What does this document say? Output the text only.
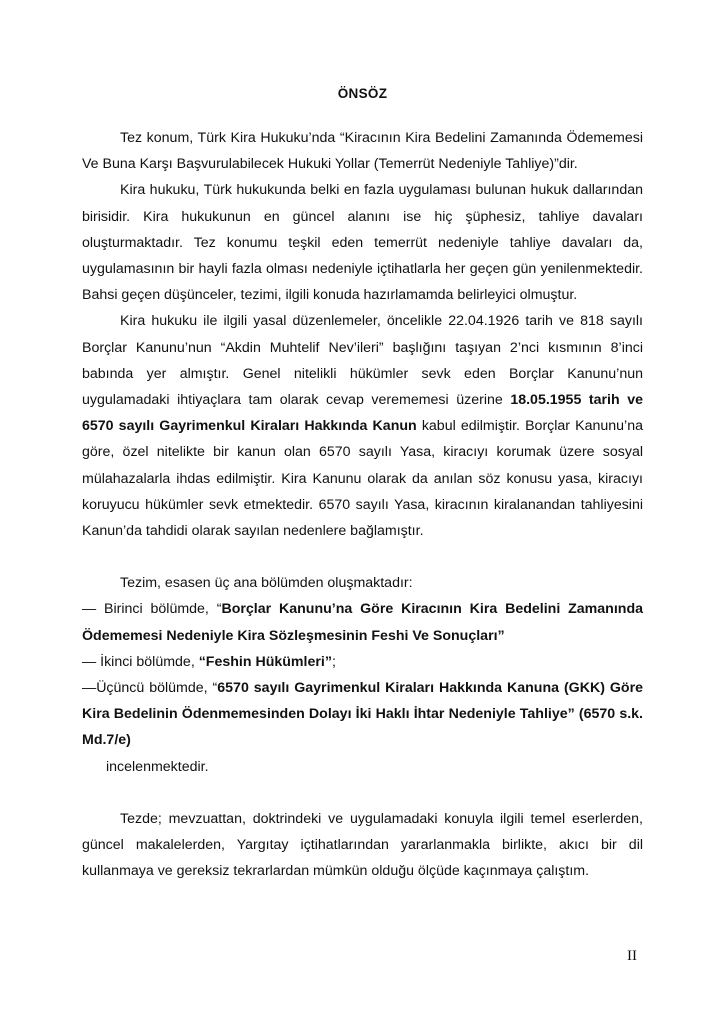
ÖNSÖZ

Tez konum, Türk Kira Hukuku’nda “Kiracının Kira Bedelini Zamanında Ödememesi Ve Buna Karşı Başvurulabilecek Hukuki Yollar (Temerrüt Nedeniyle Tahliye)”dir.

Kira hukuku, Türk hukukunda belki en fazla uygulaması bulunan hukuk dallarından birisidir. Kira hukukunun en güncel alanını ise hiç şüphesiz, tahliye davaları oluşturmaktadır. Tez konumu teşkil eden temerrüt nedeniyle tahliye davaları da, uygulamasının bir hayli fazla olması nedeniyle içtihatlarla her geçen gün yenilenmektedir. Bahsi geçen düşünceler, tezimi, ilgili konuda hazırlamamda belirleyici olmuştur.

Kira hukuku ile ilgili yasal düzenlemeler, öncelikle 22.04.1926 tarih ve 818 sayılı Borçlar Kanunu’nun “Akdin Muhtelif Nev’ileri” başlığını taşıyan 2’nci kısmının 8’inci babında yer almıştır. Genel nitelikli hükümler sevk eden Borçlar Kanunu’nun uygulamadaki ihtiyaçlara tam olarak cevap verememesi üzerine 18.05.1955 tarih ve 6570 sayılı Gayrimenkul Kiraları Hakkında Kanun kabul edilmiştir. Borçlar Kanunu’na göre, özel nitelikte bir kanun olan 6570 sayılı Yasa, kiracıyı korumak üzere sosyal mülahazalarla ihdas edilmiştir. Kira Kanunu olarak da anılan söz konusu yasa, kiracıyı koruyucu hükümler sevk etmektedir. 6570 sayılı Yasa, kiracının kiralanandan tahliyesini Kanun’da tahdidi olarak sayılan nedenlere bağlamıştır.

Tezim, esasen üç ana bölümden oluşmaktadır:

— Birinci bölümde, “Borçlar Kanunu’na Göre Kiracının Kira Bedelini Zamanında Ödememesi Nedeniyle Kira Sözleşmesinin Feshi Ve Sonuçları”

— İkinci bölümde, “Feshin Hükümleri”;

—Üçüncü bölümde, “6570 sayılı Gayrimenkul Kiraları Hakkında Kanuna (GKK) Göre Kira Bedelinin Ödenmemesinden Dolayı İki Haklı İhtar Nedeniyle Tahliye” (6570 s.k. Md.7/e)

incelenmektedir.

Tezde; mevzuattan, doktrindeki ve uygulamadaki konuyla ilgili temel eserlerden, güncel makalelerden, Yargıtay içtihatlarından yararlanmakla birlikte, akıcı bir dil kullanmaya ve gereksiz tekrarlardan mümkün olduğu ölçüde kaçınmaya çalıştım.

II
